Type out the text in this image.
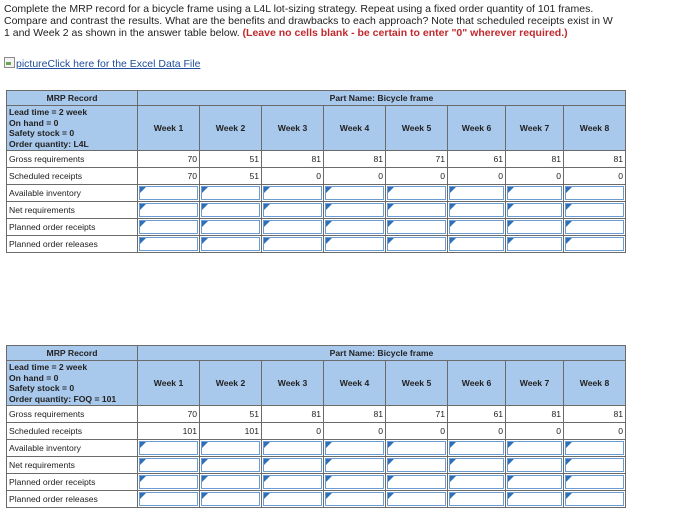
Complete the MRP record for a bicycle frame using a L4L lot-sizing strategy. Repeat using a fixed order quantity of 101 frames.
Compare and contrast the results. What are the benefits and drawbacks to each approach? Note that scheduled receipts exist in W
1 and Week 2 as shown in the answer table below. (Leave no cells blank - be certain to enter "0" wherever required.)
pictureClick here for the Excel Data File
MRP Record	Part Name: Bicycle frame							

Lead time = 2 week
On hand = 0
Safety stock = 0
Order quantity: L4L	Week 1	Week 2	Week 3	Week 4	Week 5	Week 6	Week 7	Week 8
Gross requirements	70	51	81	81	71	61	81	81
Scheduled receipts	70	51	0	0	0	0	0	0
Available inventory	

Net requirements	

Planned order receipts	

Planned order releases	

MRP Record	Part Name: Bicycle frame							

Lead time = 2 week
On hand = 0
Safety stock = 0
Order quantity: FOQ = 101	Week 1	Week 2	Week 3	Week 4	Week 5	Week 6	Week 7	Week 8
Gross requirements	70	51	81	81	71	61	81	81
Scheduled receipts	101	101	0	0	0	0	0	0
Available inventory	

Net requirements	

Planned order receipts	

Planned order releases	
